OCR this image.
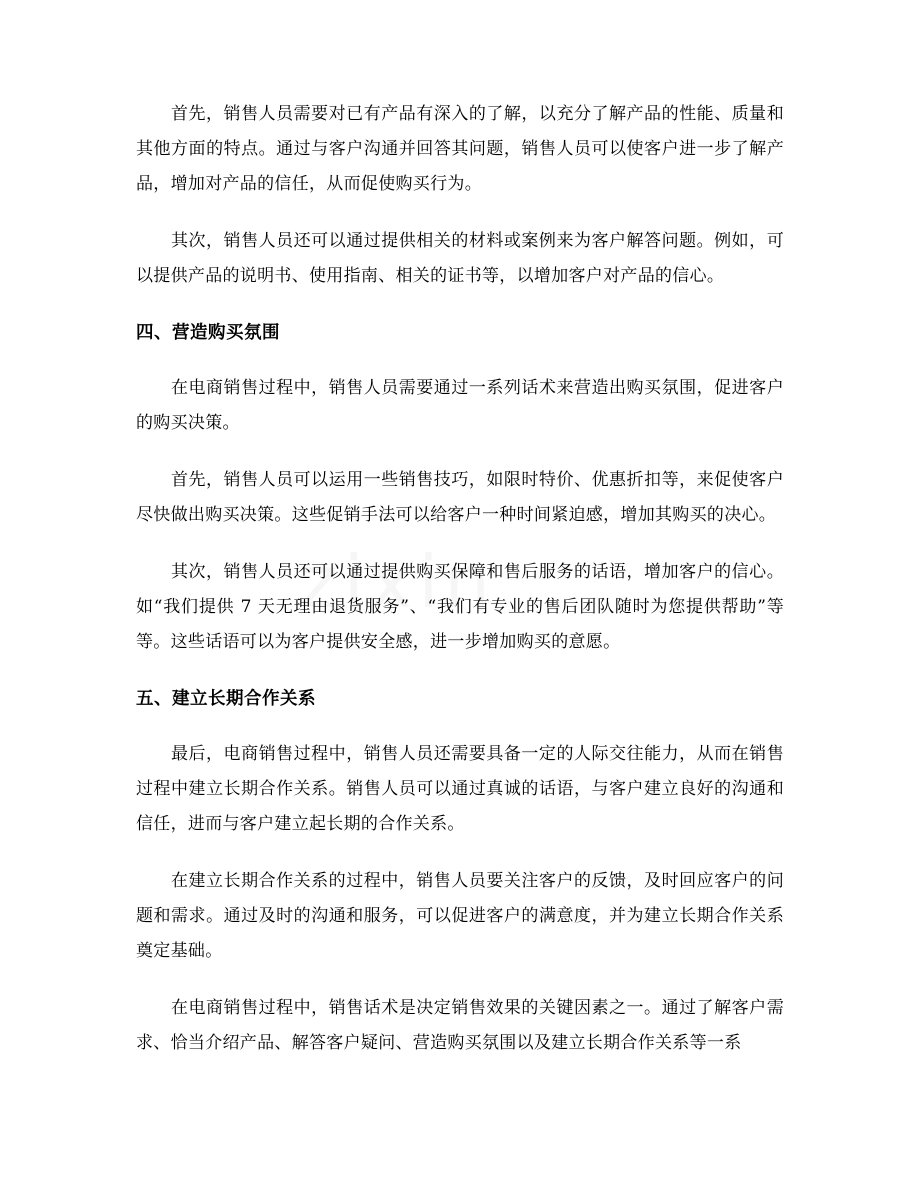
首先，销售人员需要对已有产品有深入的了解，以充分了解产品的性能、质量和其他方面的特点。通过与客户沟通并回答其问题，销售人员可以使客户进一步了解产品，增加对产品的信任，从而促使购买行为。

其次，销售人员还可以通过提供相关的材料或案例来为客户解答问题。例如，可以提供产品的说明书、使用指南、相关的证书等，以增加客户对产品的信心。

四、营造购买氛围

在电商销售过程中，销售人员需要通过一系列话术来营造出购买氛围，促进客户的购买决策。

首先，销售人员可以运用一些销售技巧，如限时特价、优惠折扣等，来促使客户尽快做出购买决策。这些促销手法可以给客户一种时间紧迫感，增加其购买的决心。

其次，销售人员还可以通过提供购买保障和售后服务的话语，增加客户的信心。如“我们提供 7 天无理由退货服务”、“我们有专业的售后团队随时为您提供帮助”等等。这些话语可以为客户提供安全感，进一步增加购买的意愿。

五、建立长期合作关系

最后，电商销售过程中，销售人员还需要具备一定的人际交往能力，从而在销售过程中建立长期合作关系。销售人员可以通过真诚的话语，与客户建立良好的沟通和信任，进而与客户建立起长期的合作关系。

在建立长期合作关系的过程中，销售人员要关注客户的反馈，及时回应客户的问题和需求。通过及时的沟通和服务，可以促进客户的满意度，并为建立长期合作关系奠定基础。

在电商销售过程中，销售话术是决定销售效果的关键因素之一。通过了解客户需求、恰当介绍产品、解答客户疑问、营造购买氛围以及建立长期合作关系等一系
